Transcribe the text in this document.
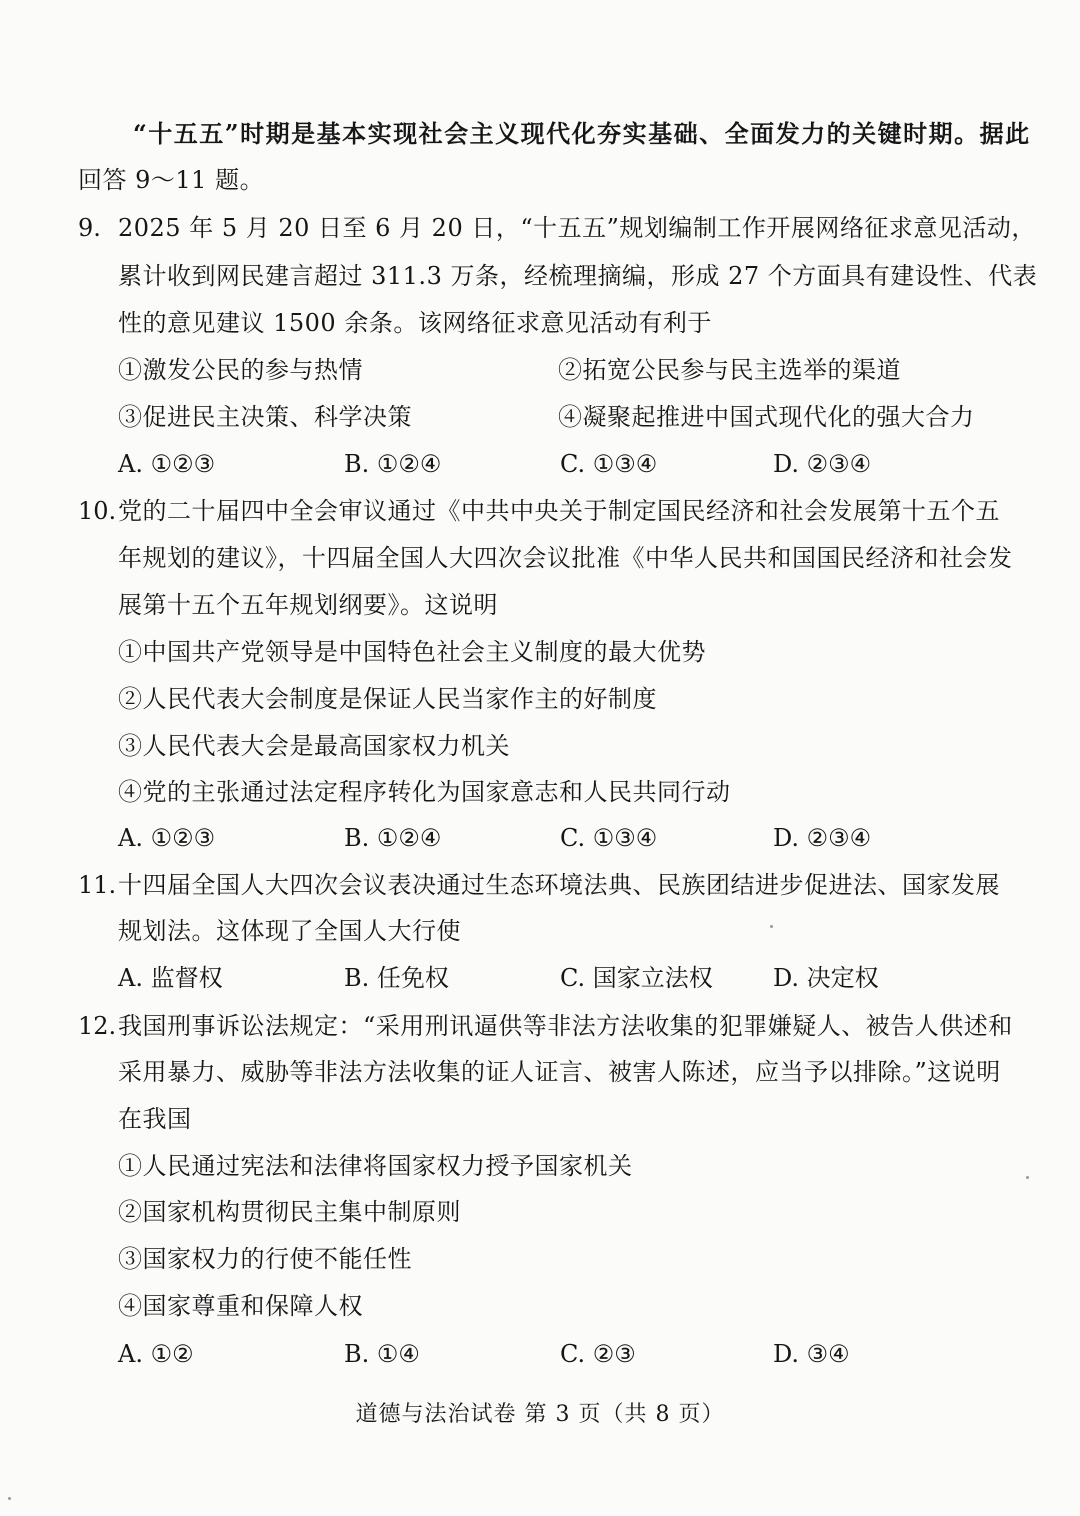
“十五五”时期是基本实现社会主义现代化夯实基础、全面发力的关键时期。据此
回答 9～11 题。
9. 2025 年 5 月 20 日至 6 月 20 日，“十五五”规划编制工作开展网络征求意见活动，
累计收到网民建言超过 311.3 万条，经梳理摘编，形成 27 个方面具有建设性、代表
性的意见建议 1500 余条。该网络征求意见活动有利于
①激发公民的参与热情	②拓宽公民参与民主选举的渠道
③促进民主决策、科学决策	④凝聚起推进中国式现代化的强大合力
A. ①②③	B. ①②④	C. ①③④	D. ②③④
10. 党的二十届四中全会审议通过《中共中央关于制定国民经济和社会发展第十五个五
年规划的建议》，十四届全国人大四次会议批准《中华人民共和国国民经济和社会发
展第十五个五年规划纲要》。这说明
①中国共产党领导是中国特色社会主义制度的最大优势
②人民代表大会制度是保证人民当家作主的好制度
③人民代表大会是最高国家权力机关
④党的主张通过法定程序转化为国家意志和人民共同行动
A. ①②③	B. ①②④	C. ①③④	D. ②③④
11. 十四届全国人大四次会议表决通过生态环境法典、民族团结进步促进法、国家发展
规划法。这体现了全国人大行使
A. 监督权	B. 任免权	C. 国家立法权	D. 决定权
12. 我国刑事诉讼法规定：“采用刑讯逼供等非法方法收集的犯罪嫌疑人、被告人供述和
采用暴力、威胁等非法方法收集的证人证言、被害人陈述，应当予以排除。”这说明
在我国
①人民通过宪法和法律将国家权力授予国家机关
②国家机构贯彻民主集中制原则
③国家权力的行使不能任性
④国家尊重和保障人权
A. ①②	B. ①④	C. ②③	D. ③④
道德与法治试卷 第 3 页（共 8 页）
